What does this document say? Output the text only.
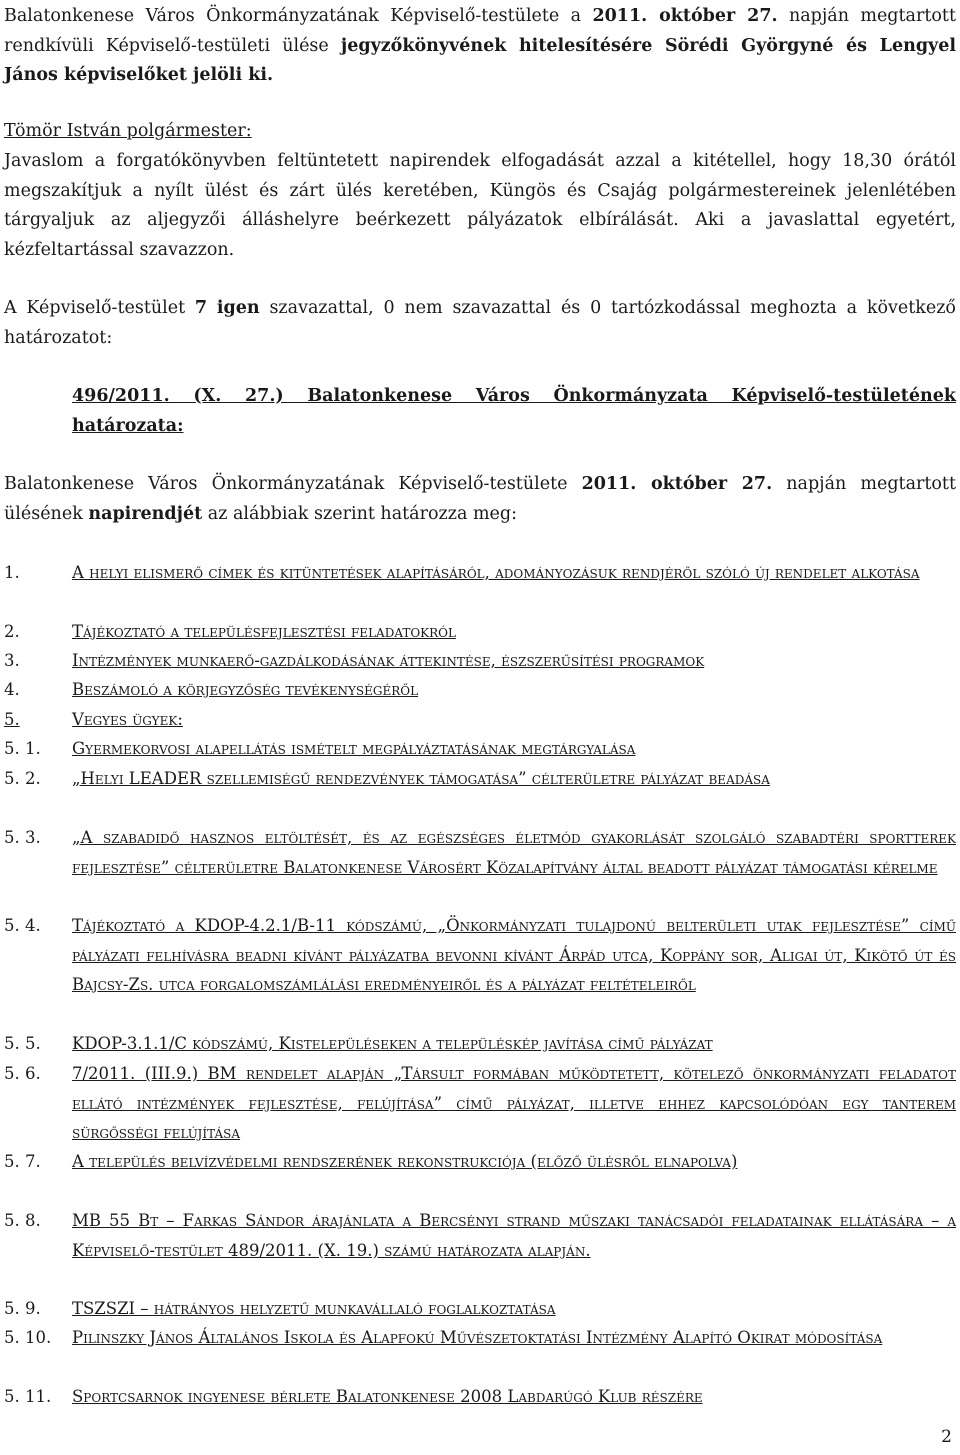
Balatonkenese Város Önkormányzatának Képviselő-testülete a 2011. október 27. napján megtartott rendkívüli Képviselő-testületi ülése jegyzőkönyvének hitelesítésére Sörédi Györgyné és Lengyel János képviselőket jelöli ki.
Tömör István polgármester:
Javaslom a forgatókönyvben feltüntetett napirendek elfogadását azzal a kitétellel, hogy 18,30 órától megszakítjuk a nyílt ülést és zárt ülés keretében, Küngös és Csajág polgármestereinek jelenlétében tárgyaljuk az aljegyzői álláshelyre beérkezett pályázatok elbírálását. Aki a javaslattal egyetért, kézfeltartással szavazzon.
A Képviselő-testület 7 igen szavazattal, 0 nem szavazattal és 0 tartózkodással meghozta a következő határozatot:
496/2011. (X. 27.) Balatonkenese Város Önkormányzata Képviselő-testületének határozata:
Balatonkenese Város Önkormányzatának Képviselő-testülete 2011. október 27. napján megtartott ülésének napirendjét az alábbiak szerint határozza meg:
1.	A helyi elismerő címek és kitüntetések alapításáról, adományozásuk rendjéről szóló új rendelet alkotása
2.	Tájékoztató a településfejlesztési feladatokról
3.	Intézmények munkaerő-gazdálkodásának áttekintése, észszerűsítési programok
4.	Beszámoló a körjegyzőség tevékenységéről
5.	Vegyes ügyek:
5. 1.	Gyermekorvosi alapellátás ismételt megpályáztatásának megtárgyalása
5. 2.	„Helyi LEADER szellemiségű rendezvények támogatása” célterületre pályázat beadása
5. 3.	„A szabadidő hasznos eltöltését, és az egészséges életmód gyakorlását szolgáló szabadtéri sportterek fejlesztése” célterületre Balatonkenese Városért Közalapítvány által beadott pályázat támogatási kérelme
5. 4.	Tájékoztató a KDOP-4.2.1/B-11 kódszámú, „Önkormányzati tulajdonú belterületi utak fejlesztése” című pályázati felhívásra beadni kívánt pályázatba bevonni kívánt Árpád utca, Koppány sor, Aligai út, Kikötő út és Bajcsy-Zs. utca forgalomszámlálási eredményeiről és a pályázat feltételeiről
5. 5.	KDOP-3.1.1/C kódszámú, Kistelepüléseken a településkép javítása című pályázat
5. 6.	7/2011. (III.9.) BM rendelet alapján „Társult formában működtetett, kötelező önkormányzati feladatot ellátó intézmények fejlesztése, felújítása” című pályázat, illetve ehhez kapcsolódóan egy tanterem sürgősségi felújítása
5. 7.	A település belvízvédelmi rendszerének rekonstrukciója (előző ülésről elnapolva)
5. 8.	MB 55 Bt – Farkas Sándor árajánlata a Bercsényi strand műszaki tanácsadói feladatainak ellátására – a Képviselő-testület 489/2011. (X. 19.) számú határozata alapján.
5. 9.	TSZSZI – hátrányos helyzetű munkavállaló foglalkoztatása
5. 10.	Pilinszky János Általános Iskola és Alapfokú Művészetoktatási Intézmény Alapító Okirat módosítása
5. 11.	Sportcsarnok ingyenese bérlete Balatonkenese 2008 Labdarúgó Klub részére
2
